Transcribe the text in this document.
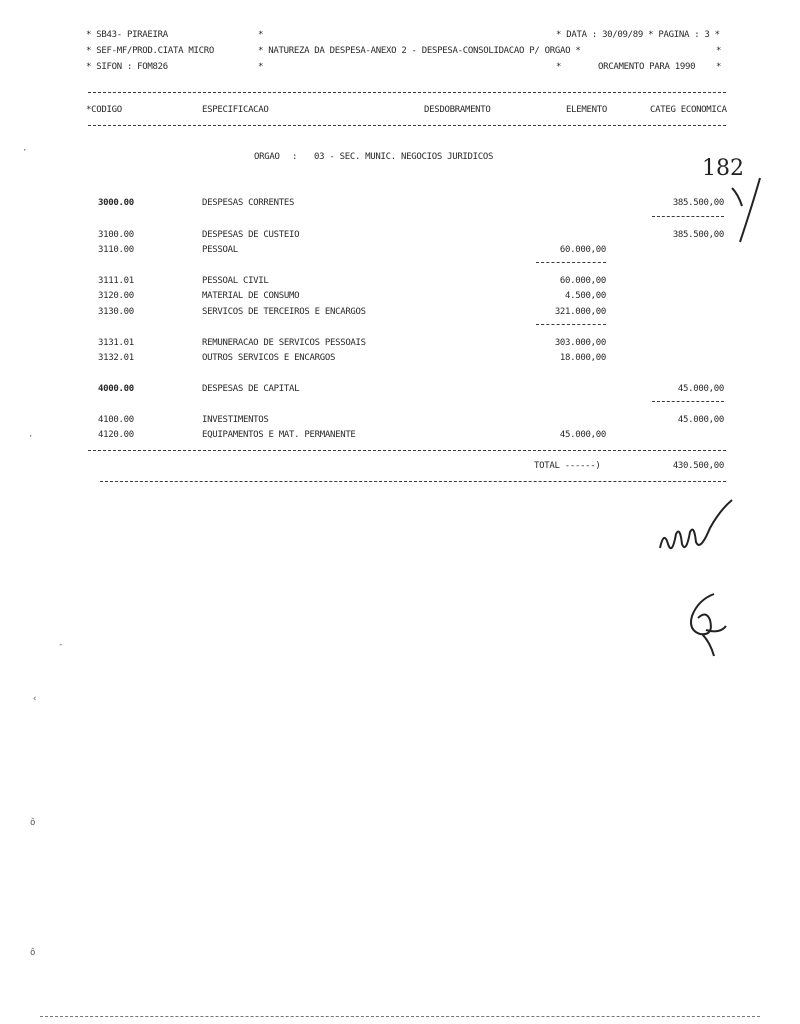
* SB43- PIRAEIRA	*	* DATA : 30/09/89 * PAGINA : 3 *
* SEF-MF/PROD.CIATA MICRO	* NATUREZA DA DESPESA-ANEXO 2 - DESPESA-CONSOLIDACAO P/ ORGAO *	*
* SIFON : FOM826	*	*	ORCAMENTO PARA 1990 *
*CODIGO	ESPECIFICACAO	DESDOBRAMENTO	ELEMENTO	CATEG ECONOMICA
·
ORGAO : 03 - SEC. MUNIC. NEGOCIOS JURIDICOS	182
3000.00	DESPESAS CORRENTES	385.500,00
3100.00	DESPESAS DE CUSTEIO	385.500,00
3110.00	PESSOAL	60.000,00
3111.01	PESSOAL CIVIL	60.000,00
3120.00	MATERIAL DE CONSUMO	4.500,00
3130.00	SERVICOS DE TERCEIROS E ENCARGOS	321.000,00
3131.01	REMUNERACAO DE SERVICOS PESSOAIS	303.000,00
3132.01	OUTROS SERVICOS E ENCARGOS	18.000,00
4000.00	DESPESAS DE CAPITAL	45.000,00
4100.00	INVESTIMENTOS	45.000,00
4120.00	EQUIPAMENTOS E MAT. PERMANENTE	45.000,00
·
TOTAL ------)	430.500,00
‐
‹
ô
ô
